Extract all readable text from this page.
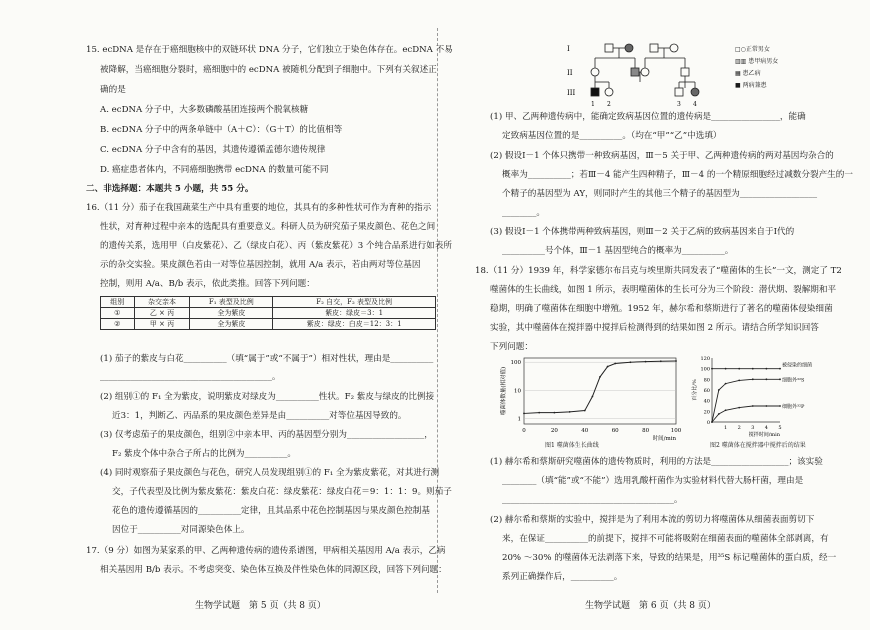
15. ecDNA 是存在于癌细胞核中的双链环状 DNA 分子，它们独立于染色体存在。ecDNA 不易
被降解，当癌细胞分裂时，癌细胞中的 ecDNA 被随机分配到子细胞中。下列有关叙述正
确的是
A. ecDNA 分子中，大多数磷酸基团连接两个脱氧核糖
B. ecDNA 分子中的两条单链中（A＋C）：（G＋T）的比值相等
C. ecDNA 分子中含有的基因，其遗传遵循孟德尔遗传规律
D. 癌症患者体内，不同癌细胞携带 ecDNA 的数量可能不同
二、非选择题：本题共 5 小题，共 55 分。
16.（11 分）茄子在我国蔬菜生产中具有重要的地位，其具有的多种性状可作为育种的指示
性状，对育种过程中亲本的选配具有重要意义。科研人员为研究茄子果皮颜色、花色之间
的遗传关系，选用甲（白皮紫花）、乙（绿皮白花）、丙（紫皮紫花）3 个纯合品系进行如表所
示的杂交实验。果皮颜色若由一对等位基因控制，就用 A/a 表示，若由两对等位基因
控制，则用 A/a、B/b 表示，依此类推。回答下列问题：
组别	杂交亲本	F₁ 表型及比例	F₂ 自交，F₂ 表型及比例
①	乙 × 丙	全为紫皮	紫皮：绿皮＝3：1
②	甲 × 丙	全为紫皮	紫皮：绿皮：白皮＝12：3：1
(1) 茄子的紫皮与白花__________（填“属于”或“不属于”）相对性状，理由是__________
________________________________________。
(2) 组别①的 F₁ 全为紫皮，说明紫皮对绿皮为__________性状。F₂ 紫皮与绿皮的比例接
近3：1，判断乙、丙品系的果皮颜色差异是由__________对等位基因导致的。
(3) 仅考虑茄子的果皮颜色，组别②中亲本甲、丙的基因型分别为__________________，
F₂ 紫皮个体中杂合子所占的比例为__________。
(4) 同时观察茄子果皮颜色与花色，研究人员发现组别①的 F₁ 全为紫皮紫花，对其进行测
交，子代表型及比例为紫皮紫花：紫皮白花：绿皮紫花：绿皮白花＝9：1：1：9。则茄子
花色的遗传遵循基因的__________定律，且其品系中花色控制基因与果皮颜色控制基
因位于__________对同源染色体上。
17.（9 分）如图为某家系的甲、乙两种遗传病的遗传系谱图，甲病相关基因用 A/a 表示，乙病
相关基因用 B/b 表示。不考虑突变、染色体互换及伴性染色体的同源区段，回答下列问题：
生物学试题　第 5 页（共 8 页）
I
II
III
1 2	3 4
□○正常男女
▥▥ 患甲病男女
▦ 患乙病
■ 两病兼患
(1) 甲、乙两种遗传病中，能确定致病基因位置的遗传病是________________，能确
定致病基因位置的是__________。（均在“甲”“乙”中选填）
(2) 假设Ⅰ－1 个体只携带一种致病基因，Ⅲ－5 关于甲、乙两种遗传病的两对基因均杂合的
概率为__________；若Ⅲ－4 能产生四种精子，Ⅲ－4 的一个精原细胞经过减数分裂产生的一
个精子的基因型为 AY，则同时产生的其他三个精子的基因型为__________________
________。
(3) 假设Ⅰ－1 个体携带两种致病基因，则Ⅲ－2 关于乙病的致病基因来自于Ⅰ代的
__________号个体，Ⅲ－1 基因型纯合的概率为__________。
18.（11 分）1939 年，科学家德尔布吕克与埃里斯共同发表了“噬菌体的生长”一文，测定了 T2
噬菌体的生长曲线，如图 1 所示，表明噬菌体的生长可分为三个阶段：潜伏期、裂解期和平
稳期，明确了噬菌体在细胞中增殖。1952 年，赫尔希和蔡斯进行了著名的噬菌体侵染细菌
实验，其中噬菌体在搅拌器中搅拌后检测得到的结果如图 2 所示。请结合所学知识回答
下列问题：
100
10
1
0	20	40	60	80	100
时间/min
噬菌体数量(相对值)
图1 噬菌体生长曲线
120
100
80
60
40
20
0
1 2 3 4 5
搅拌时间/min
百分比/%
被侵染的细菌
细胞外³²S
细胞外³²P
图2 噬菌体在搅拌器中搅拌后的结果
(1) 赫尔希和蔡斯研究噬菌体的遗传物质时，利用的方法是__________________；该实验
________（填“能”或“不能”）选用乳酸杆菌作为实验材料代替大肠杆菌，理由是
________________________________________。
(2) 赫尔希和蔡斯的实验中，搅拌是为了利用本流的剪切力将噬菌体从细菌表面剪切下
来，在保证__________的前提下，搅拌不可能将吸附在细菌表面的噬菌体全部剥离，有
20% ～30% 的噬菌体无法剥落下来，导致的结果是，用³⁵S 标记噬菌体的蛋白质，经一
系列正确操作后，__________。
生物学试题　第 6 页（共 8 页）
